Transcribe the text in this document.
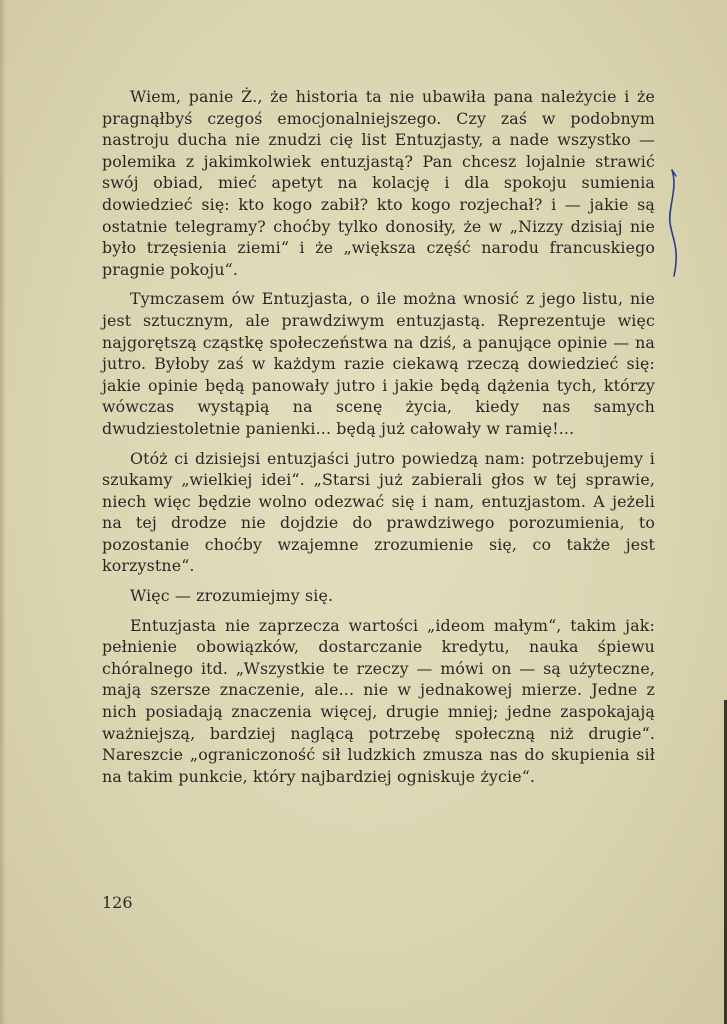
Wiem, panie Ż., że historia ta nie ubawiła pana należycie i że pragnąłbyś czegoś emocjonalniejszego. Czy zaś w podobnym nastroju ducha nie znudzi cię list Entuzjasty, a nade wszystko — polemika z jakimkolwiek entuzjastą? Pan chcesz lojalnie strawić swój obiad, mieć apetyt na kolację i dla spokoju sumienia dowiedzieć się: kto kogo zabił? kto kogo rozjechał? i — jakie są ostatnie telegramy? choćby tylko donosiły, że w „Nizzy dzisiaj nie było trzęsienia ziemi“ i że „większa część narodu francuskiego pragnie pokoju“.

Tymczasem ów Entuzjasta, o ile można wnosić z jego listu, nie jest sztucznym, ale prawdziwym entuzjastą. Reprezentuje więc najgorętszą cząstkę społeczeństwa na dziś, a panujące opinie — na jutro. Byłoby zaś w każdym razie ciekawą rzeczą dowiedzieć się: jakie opinie będą panowały jutro i jakie będą dążenia tych, którzy wówczas wystąpią na scenę życia, kiedy nas samych dwudziestoletnie panienki... będą już całowały w ramię!...

Otóż ci dzisiejsi entuzjaści jutro powiedzą nam: potrzebujemy i szukamy „wielkiej idei“. „Starsi już zabierali głos w tej sprawie, niech więc będzie wolno odezwać się i nam, entuzjastom. A jeżeli na tej drodze nie dojdzie do prawdziwego porozumienia, to pozostanie choćby wzajemne zrozumienie się, co także jest korzystne“.

Więc — zrozumiejmy się.

Entuzjasta nie zaprzecza wartości „ideom małym“, takim jak: pełnienie obowiązków, dostarczanie kredytu, nauka śpiewu chóralnego itd. „Wszystkie te rzeczy — mówi on — są użyteczne, mają szersze znaczenie, ale... nie w jednakowej mierze. Jedne z nich posiadają znaczenia więcej, drugie mniej; jedne zaspokajają ważniejszą, bardziej naglącą potrzebę społeczną niż drugie“. Nareszcie „ograniczoność sił ludzkich zmusza nas do skupienia sił na takim punkcie, który najbardziej ogniskuje życie“.

126
